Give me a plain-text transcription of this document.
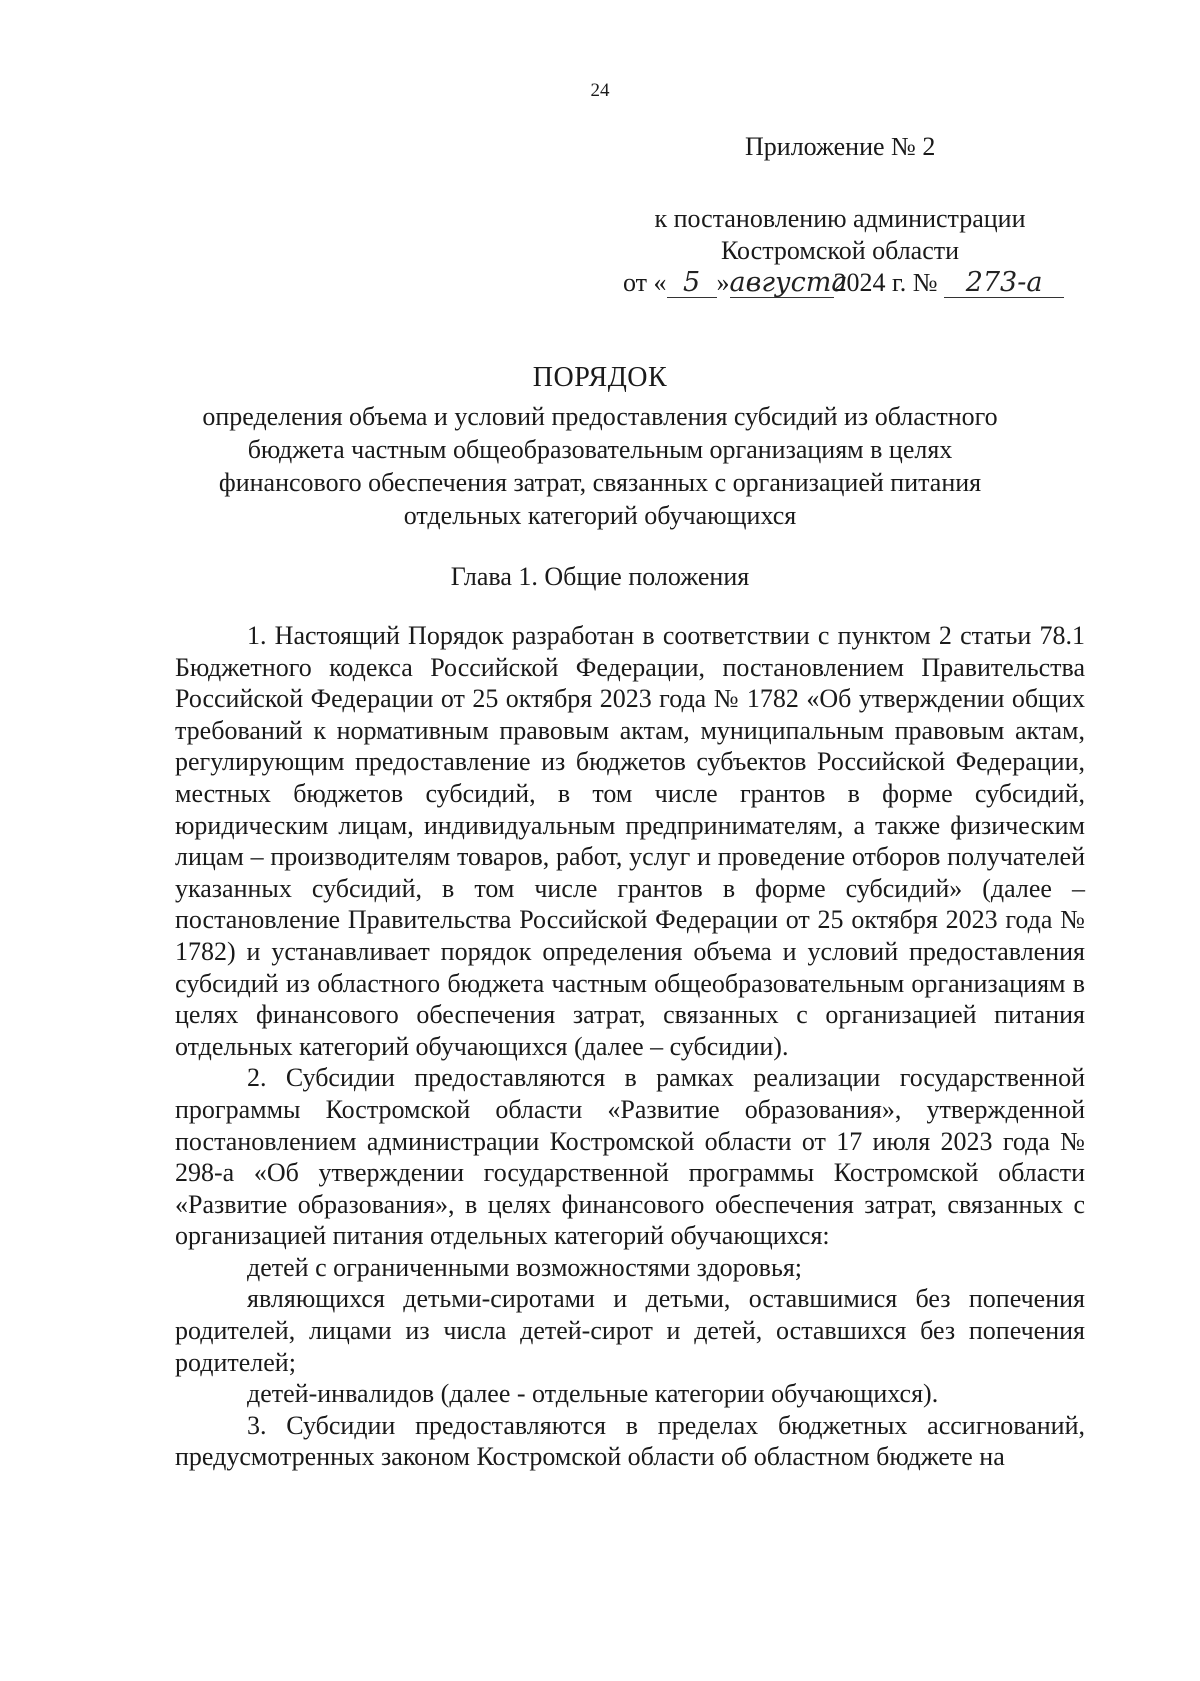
24
Приложение № 2
к постановлению администрации
Костромской области
от « 5 »августа2024 г. № 273-а
ПОРЯДОК
определения объема и условий предоставления субсидий из областного
бюджета частным общеобразовательным организациям в целях
финансового обеспечения затрат, связанных с организацией питания
отдельных категорий обучающихся
Глава 1. Общие положения

1. Настоящий Порядок разработан в соответствии с пунктом 2 статьи 78.1 Бюджетного кодекса Российской Федерации, постановлением Правительства Российской Федерации от 25 октября 2023 года № 1782 «Об утверждении общих требований к нормативным правовым актам, муниципальным правовым актам, регулирующим предоставление из бюджетов субъектов Российской Федерации, местных бюджетов субсидий, в том числе грантов в форме субсидий, юридическим лицам, индивидуальным предпринимателям, а также физическим лицам – производителям товаров, работ, услуг и проведение отборов получателей указанных субсидий, в том числе грантов в форме субсидий» (далее – постановление Правительства Российской Федерации от 25 октября 2023 года № 1782) и устанавливает порядок определения объема и условий предоставления субсидий из областного бюджета частным общеобразовательным организациям в целях финансового обеспечения затрат, связанных с организацией питания отдельных категорий обучающихся (далее – субсидии).

2. Субсидии предоставляются в рамках реализации государственной программы Костромской области «Развитие образования», утвержденной постановлением администрации Костромской области от 17 июля 2023 года № 298-а «Об утверждении государственной программы Костромской области «Развитие образования», в целях финансового обеспечения затрат, связанных с организацией питания отдельных категорий обучающихся:

детей с ограниченными возможностями здоровья;

являющихся детьми-сиротами и детьми, оставшимися без попечения родителей, лицами из числа детей-сирот и детей, оставшихся без попечения родителей;

детей-инвалидов (далее - отдельные категории обучающихся).

3. Субсидии предоставляются в пределах бюджетных ассигнований, предусмотренных законом Костромской области об областном бюджете на
